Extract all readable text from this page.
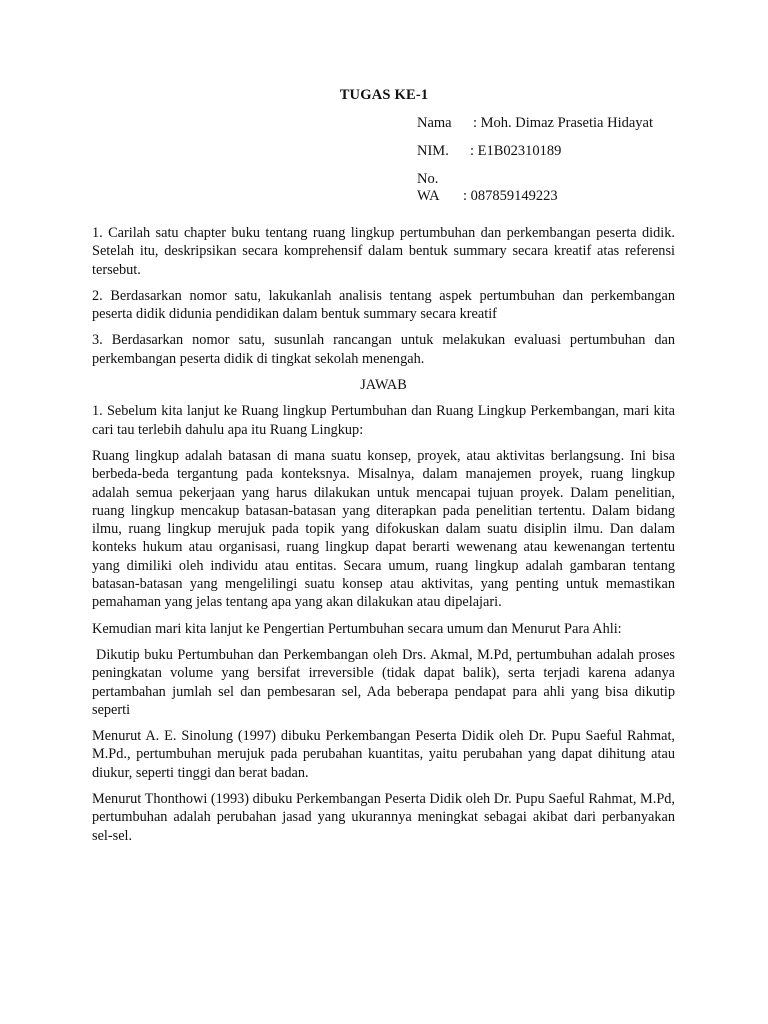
TUGAS KE-1
Nama : Moh. Dimaz Prasetia Hidayat
NIM. : E1B02310189
No. WA : 087859149223

1. Carilah satu chapter buku tentang ruang lingkup pertumbuhan dan perkembangan peserta didik. Setelah itu, deskripsikan secara komprehensif dalam bentuk summary secara kreatif atas referensi tersebut.

2. Berdasarkan nomor satu, lakukanlah analisis tentang aspek pertumbuhan dan perkembangan peserta didik didunia pendidikan dalam bentuk summary secara kreatif

3. Berdasarkan nomor satu, susunlah rancangan untuk melakukan evaluasi pertumbuhan dan perkembangan peserta didik di tingkat sekolah menengah.

JAWAB

1. Sebelum kita lanjut ke Ruang lingkup Pertumbuhan dan Ruang Lingkup Perkembangan, mari kita cari tau terlebih dahulu apa itu Ruang Lingkup:

Ruang lingkup adalah batasan di mana suatu konsep, proyek, atau aktivitas berlangsung. Ini bisa berbeda-beda tergantung pada konteksnya. Misalnya, dalam manajemen proyek, ruang lingkup adalah semua pekerjaan yang harus dilakukan untuk mencapai tujuan proyek. Dalam penelitian, ruang lingkup mencakup batasan-batasan yang diterapkan pada penelitian tertentu. Dalam bidang ilmu, ruang lingkup merujuk pada topik yang difokuskan dalam suatu disiplin ilmu. Dan dalam konteks hukum atau organisasi, ruang lingkup dapat berarti wewenang atau kewenangan tertentu yang dimiliki oleh individu atau entitas. Secara umum, ruang lingkup adalah gambaran tentang batasan-batasan yang mengelilingi suatu konsep atau aktivitas, yang penting untuk memastikan pemahaman yang jelas tentang apa yang akan dilakukan atau dipelajari.

Kemudian mari kita lanjut ke Pengertian Pertumbuhan secara umum dan Menurut Para Ahli:

Dikutip buku Pertumbuhan dan Perkembangan oleh Drs. Akmal, M.Pd, pertumbuhan adalah proses peningkatan volume yang bersifat irreversible (tidak dapat balik), serta terjadi karena adanya pertambahan jumlah sel dan pembesaran sel, Ada beberapa pendapat para ahli yang bisa dikutip seperti

Menurut A. E. Sinolung (1997) dibuku Perkembangan Peserta Didik oleh Dr. Pupu Saeful Rahmat, M.Pd., pertumbuhan merujuk pada perubahan kuantitas, yaitu perubahan yang dapat dihitung atau diukur, seperti tinggi dan berat badan.

Menurut Thonthowi (1993) dibuku Perkembangan Peserta Didik oleh Dr. Pupu Saeful Rahmat, M.Pd, pertumbuhan adalah perubahan jasad yang ukurannya meningkat sebagai akibat dari perbanyakan sel-sel.
